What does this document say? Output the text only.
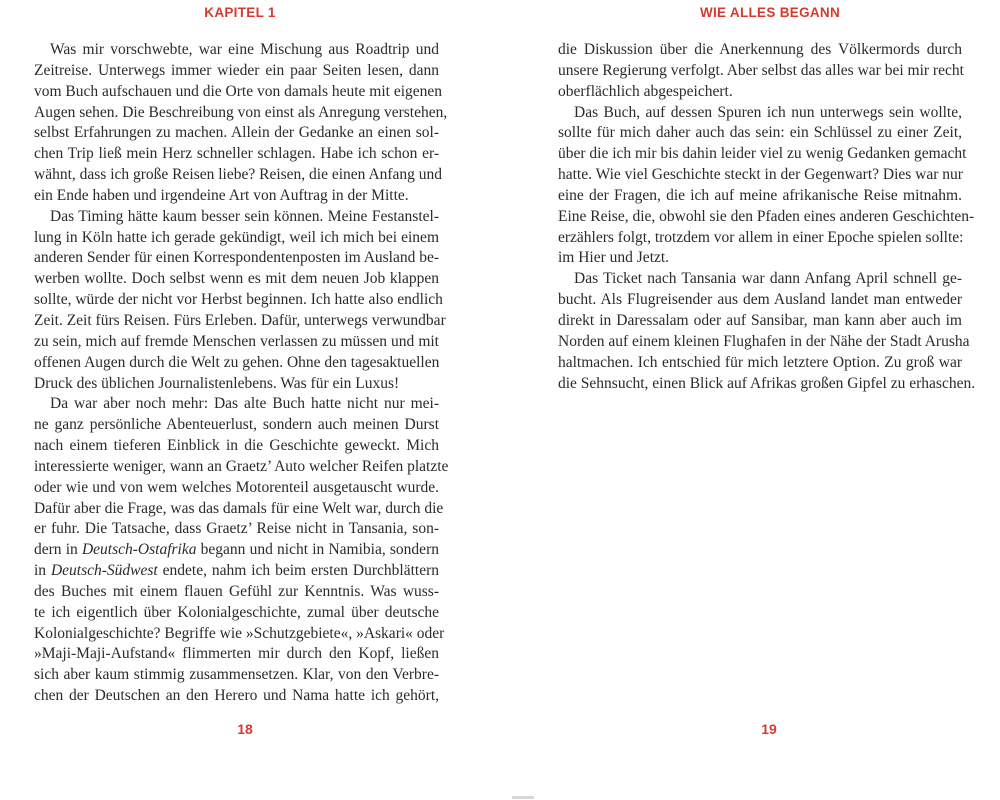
KAPITEL 1	WIE ALLES BEGANN
Was mir vorschwebte, war eine Mischung aus Roadtrip und
Zeitreise. Unterwegs immer wieder ein paar Seiten lesen, dann
vom Buch aufschauen und die Orte von damals heute mit eigenen
Augen sehen. Die Beschreibung von einst als Anregung verstehen,
selbst Erfahrungen zu machen. Allein der Gedanke an einen sol-
chen Trip ließ mein Herz schneller schlagen. Habe ich schon er-
wähnt, dass ich große Reisen liebe? Reisen, die einen Anfang und
ein Ende haben und irgendeine Art von Auftrag in der Mitte.
Das Timing hätte kaum besser sein können. Meine Festanstel-
lung in Köln hatte ich gerade gekündigt, weil ich mich bei einem
anderen Sender für einen Korrespondentenposten im Ausland be-
werben wollte. Doch selbst wenn es mit dem neuen Job klappen
sollte, würde der nicht vor Herbst beginnen. Ich hatte also endlich
Zeit. Zeit fürs Reisen. Fürs Erleben. Dafür, unterwegs verwundbar
zu sein, mich auf fremde Menschen verlassen zu müssen und mit
offenen Augen durch die Welt zu gehen. Ohne den tagesaktuellen
Druck des üblichen Journalistenlebens. Was für ein Luxus!
Da war aber noch mehr: Das alte Buch hatte nicht nur mei-
ne ganz persönliche Abenteuerlust, sondern auch meinen Durst
nach einem tieferen Einblick in die Geschichte geweckt. Mich
interessierte weniger, wann an Graetz’ Auto welcher Reifen platzte
oder wie und von wem welches Motorenteil ausgetauscht wurde.
Dafür aber die Frage, was das damals für eine Welt war, durch die
er fuhr. Die Tatsache, dass Graetz’ Reise nicht in Tansania, son-
dern in Deutsch-Ostafrika begann und nicht in Namibia, sondern
in Deutsch-Südwest endete, nahm ich beim ersten Durchblättern
des Buches mit einem flauen Gefühl zur Kenntnis. Was wuss-
te ich eigentlich über Kolonialgeschichte, zumal über deutsche
Kolonialgeschichte? Begriffe wie »Schutzgebiete«, »Askari« oder
»Maji-Maji-Aufstand« flimmerten mir durch den Kopf, ließen
sich aber kaum stimmig zusammensetzen. Klar, von den Verbre-
chen der Deutschen an den Herero und Nama hatte ich gehört,
die Diskussion über die Anerkennung des Völkermords durch
unsere Regierung verfolgt. Aber selbst das alles war bei mir recht
oberflächlich abgespeichert.
Das Buch, auf dessen Spuren ich nun unterwegs sein wollte,
sollte für mich daher auch das sein: ein Schlüssel zu einer Zeit,
über die ich mir bis dahin leider viel zu wenig Gedanken gemacht
hatte. Wie viel Geschichte steckt in der Gegenwart? Dies war nur
eine der Fragen, die ich auf meine afrikanische Reise mitnahm.
Eine Reise, die, obwohl sie den Pfaden eines anderen Geschichten-
erzählers folgt, trotzdem vor allem in einer Epoche spielen sollte:
im Hier und Jetzt.
Das Ticket nach Tansania war dann Anfang April schnell ge-
bucht. Als Flugreisender aus dem Ausland landet man entweder
direkt in Daressalam oder auf Sansibar, man kann aber auch im
Norden auf einem kleinen Flughafen in der Nähe der Stadt Arusha
haltmachen. Ich entschied für mich letztere Option. Zu groß war
die Sehnsucht, einen Blick auf Afrikas großen Gipfel zu erhaschen.
18	19
